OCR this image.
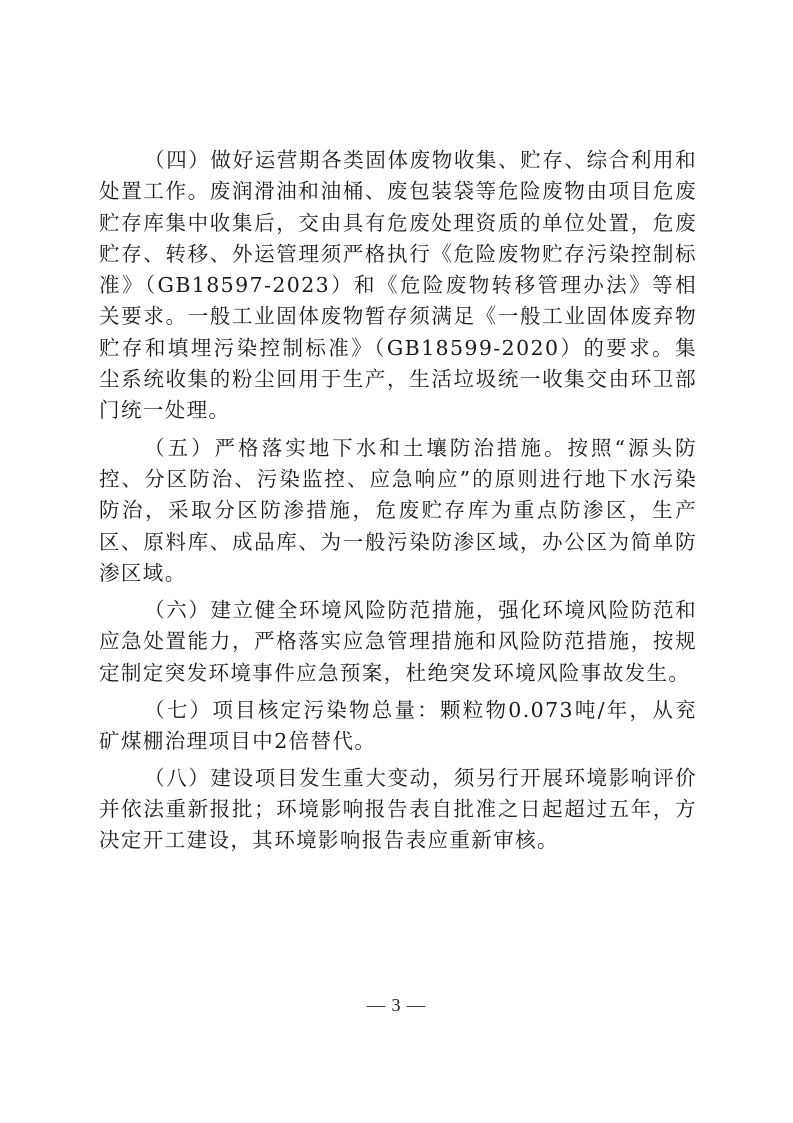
（四）做好运营期各类固体废物收集、贮存、综合利用和处置工作。废润滑油和油桶、废包装袋等危险废物由项目危废贮存库集中收集后，交由具有危废处理资质的单位处置，危废贮存、转移、外运管理须严格执行《危险废物贮存污染控制标准》（GB18597-2023）和《危险废物转移管理办法》等相关要求。一般工业固体废物暂存须满足《一般工业固体废弃物贮存和填埋污染控制标准》（GB18599-2020）的要求。集尘系统收集的粉尘回用于生产，生活垃圾统一收集交由环卫部门统一处理。

（五）严格落实地下水和土壤防治措施。按照“源头防控、分区防治、污染监控、应急响应”的原则进行地下水污染防治，采取分区防渗措施，危废贮存库为重点防渗区，生产区、原料库、成品库、为一般污染防渗区域，办公区为简单防渗区域。

（六）建立健全环境风险防范措施，强化环境风险防范和应急处置能力，严格落实应急管理措施和风险防范措施，按规定制定突发环境事件应急预案，杜绝突发环境风险事故发生。

（七）项目核定污染物总量：颗粒物0.073吨/年，从兖矿煤棚治理项目中2倍替代。

（八）建设项目发生重大变动，须另行开展环境影响评价并依法重新报批；环境影响报告表自批准之日起超过五年，方决定开工建设，其环境影响报告表应重新审核。

— 3 —
